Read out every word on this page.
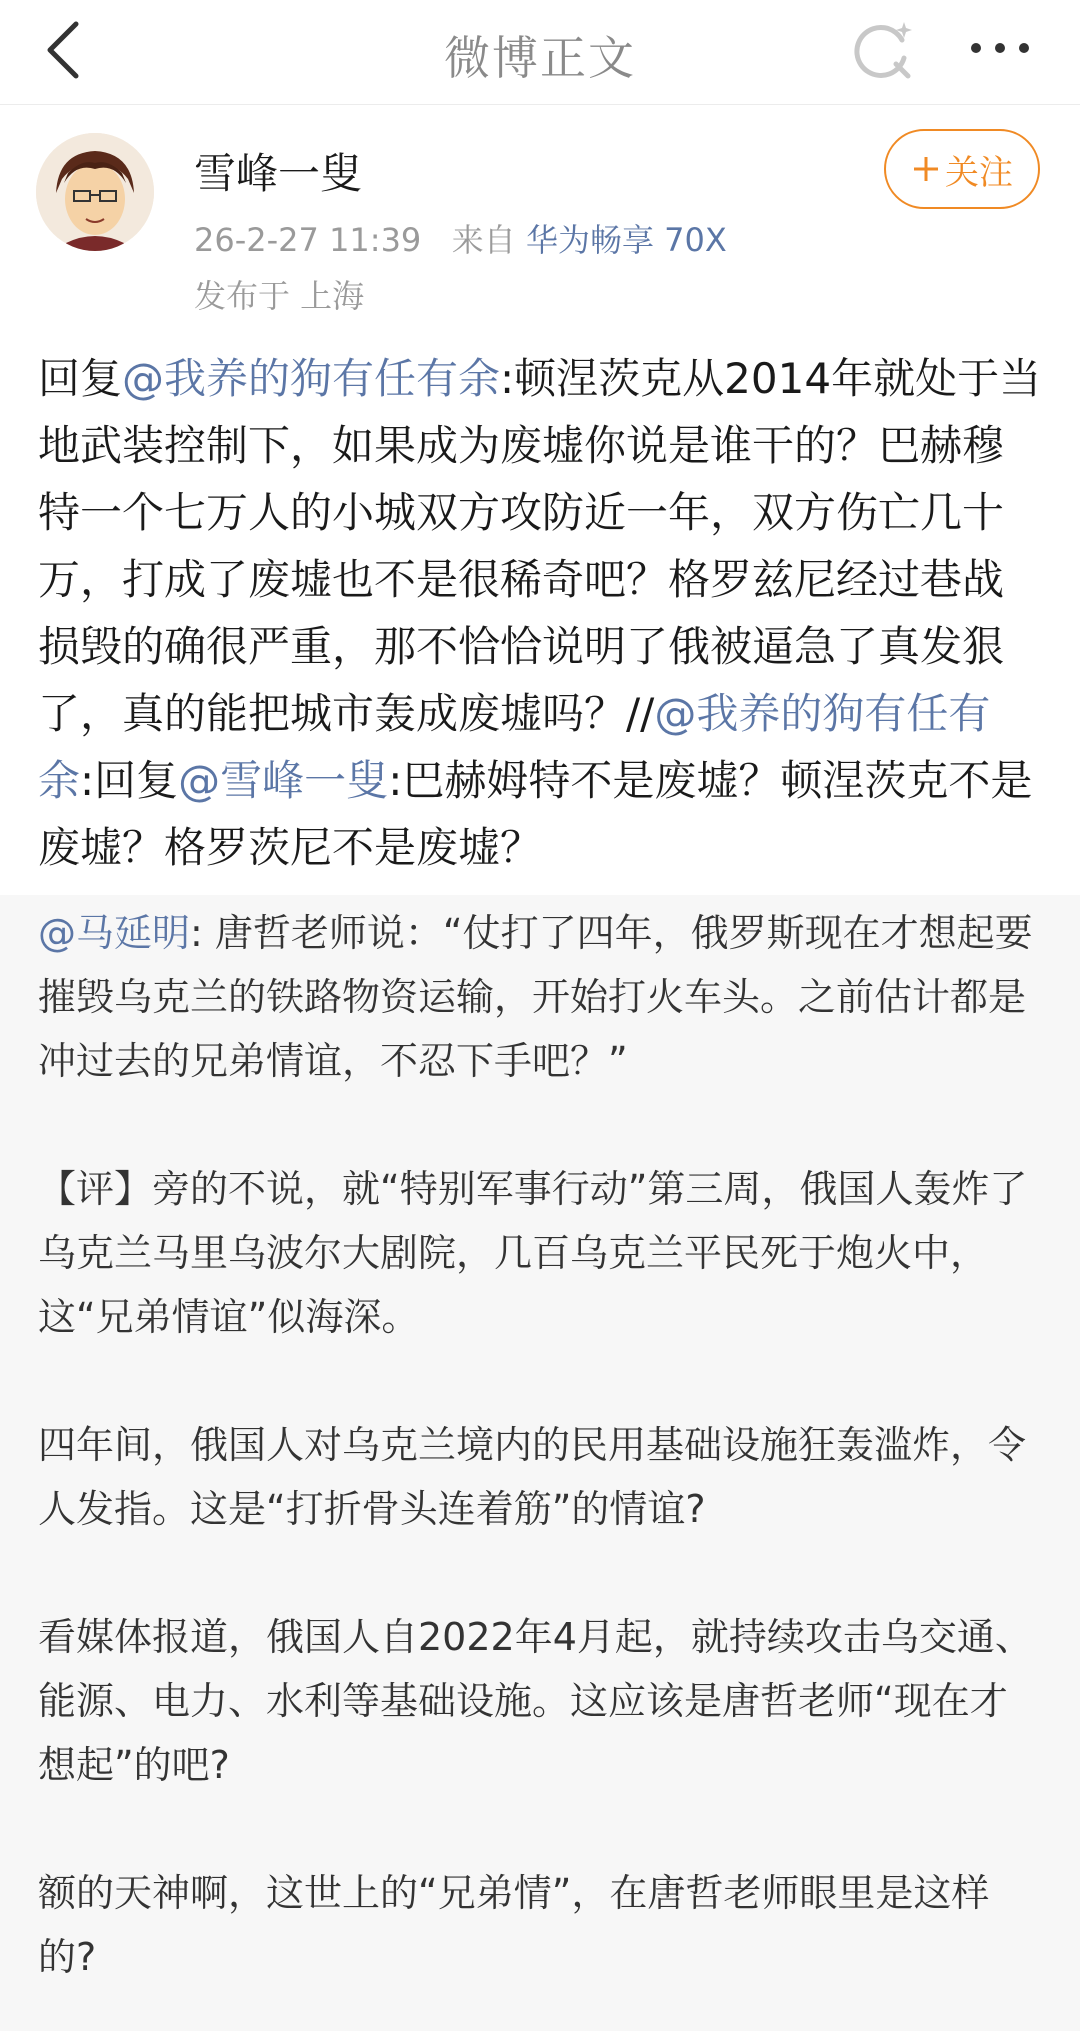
微博正文
雪峰一叟
26-2-27 11:39 来自 华为畅享 70X
发布于 上海
关注
回复@我养的狗有任有余:顿涅茨克从2014年就处于当地武装控制下，如果成为废墟你说是谁干的？巴赫穆特一个七万人的小城双方攻防近一年，双方伤亡几十万，打成了废墟也不是很稀奇吧？格罗兹尼经过巷战损毁的确很严重，那不恰恰说明了俄被逼急了真发狠了，真的能把城市轰成废墟吗？//@我养的狗有任有余:回复@雪峰一叟:巴赫姆特不是废墟？顿涅茨克不是废墟？格罗茨尼不是废墟？

@马延明: 唐哲老师说：“仗打了四年，俄罗斯现在才想起要摧毁乌克兰的铁路物资运输，开始打火车头。之前估计都是冲过去的兄弟情谊，不忍下手吧？”

【评】旁的不说，就“特别军事行动”第三周，俄国人轰炸了乌克兰马里乌波尔大剧院，几百乌克兰平民死于炮火中，这“兄弟情谊”似海深。

四年间，俄国人对乌克兰境内的民用基础设施狂轰滥炸，令人发指。这是“打折骨头连着筋”的情谊?

看媒体报道，俄国人自2022年4月起，就持续攻击乌交通、能源、电力、水利等基础设施。这应该是唐哲老师“现在才想起”的吧?

额的天神啊，这世上的“兄弟情”，在唐哲老师眼里是这样的?
